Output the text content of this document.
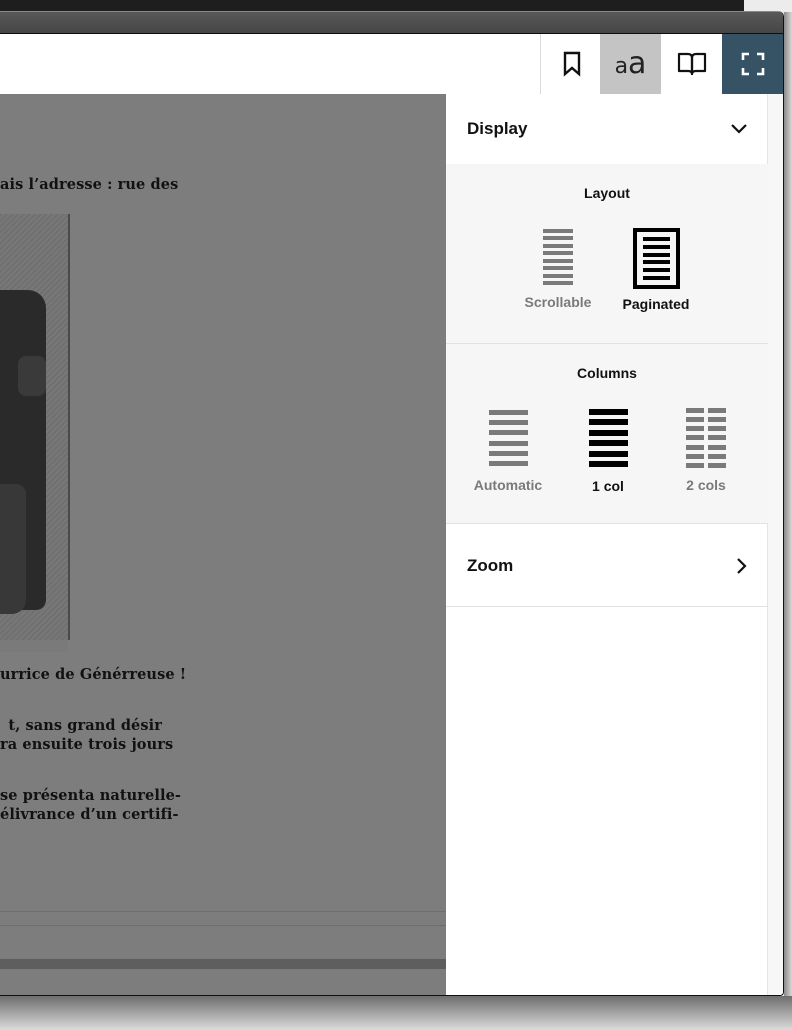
aa
ais l’adresse : rue des
urrice de Générreuse !
t, sans grand désir
ra ensuite trois jours
se présenta naturelle-
élivrance d’un certifi-
Display
Layout
Scrollable Paginated
Columns
Automatic	1 col	2 cols
Zoom
